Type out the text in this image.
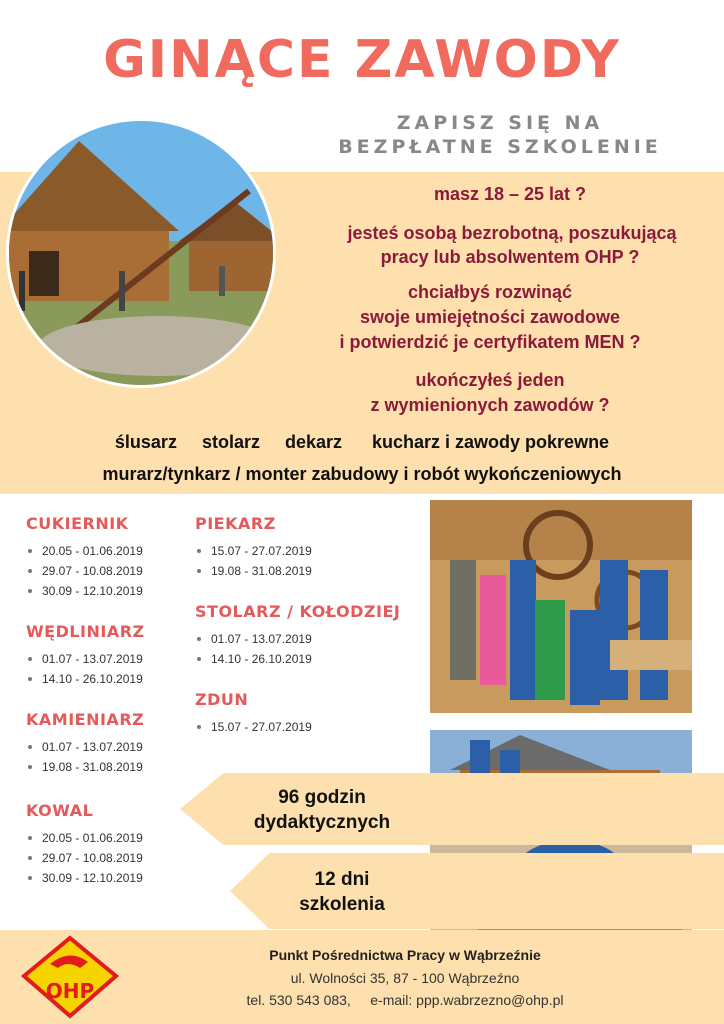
GINĄCE ZAWODY
ZAPISZ SIĘ NA
BEZPŁATNE SZKOLENIE
masz 18 – 25 lat ?
jesteś osobą bezrobotną, poszukującą
pracy lub absolwentem OHP ?
chciałbyś rozwinąć
swoje umiejętności zawodowe
i potwierdzić je certyfikatem MEN ?
ukończyłeś jeden
z wymienionych zawodów ?
ślusarz     stolarz     dekarz      kucharz i zawody pokrewne
murarz/tynkarz / monter zabudowy i robót wykończeniowych
CUKIERNIK
20.05 - 01.06.2019
29.07 - 10.08.2019
30.09 - 12.10.2019
WĘDLINIARZ
01.07 - 13.07.2019
14.10 - 26.10.2019
KAMIENIARZ
01.07 - 13.07.2019
19.08 - 31.08.2019
KOWAL
20.05 - 01.06.2019
29.07 - 10.08.2019
30.09 - 12.10.2019
PIEKARZ
15.07 - 27.07.2019
19.08 - 31.08.2019
STOLARZ / KOŁODZIEJ
01.07 - 13.07.2019
14.10 - 26.10.2019
ZDUN
15.07 - 27.07.2019
96 godzin
dydaktycznych
12 dni
szkolenia
OHP
Punkt Pośrednictwa Pracy w Wąbrzeźnie
ul. Wolności 35, 87 - 100 Wąbrzeźno
tel. 530 543 083,     e-mail: ppp.wabrzezno@ohp.pl
